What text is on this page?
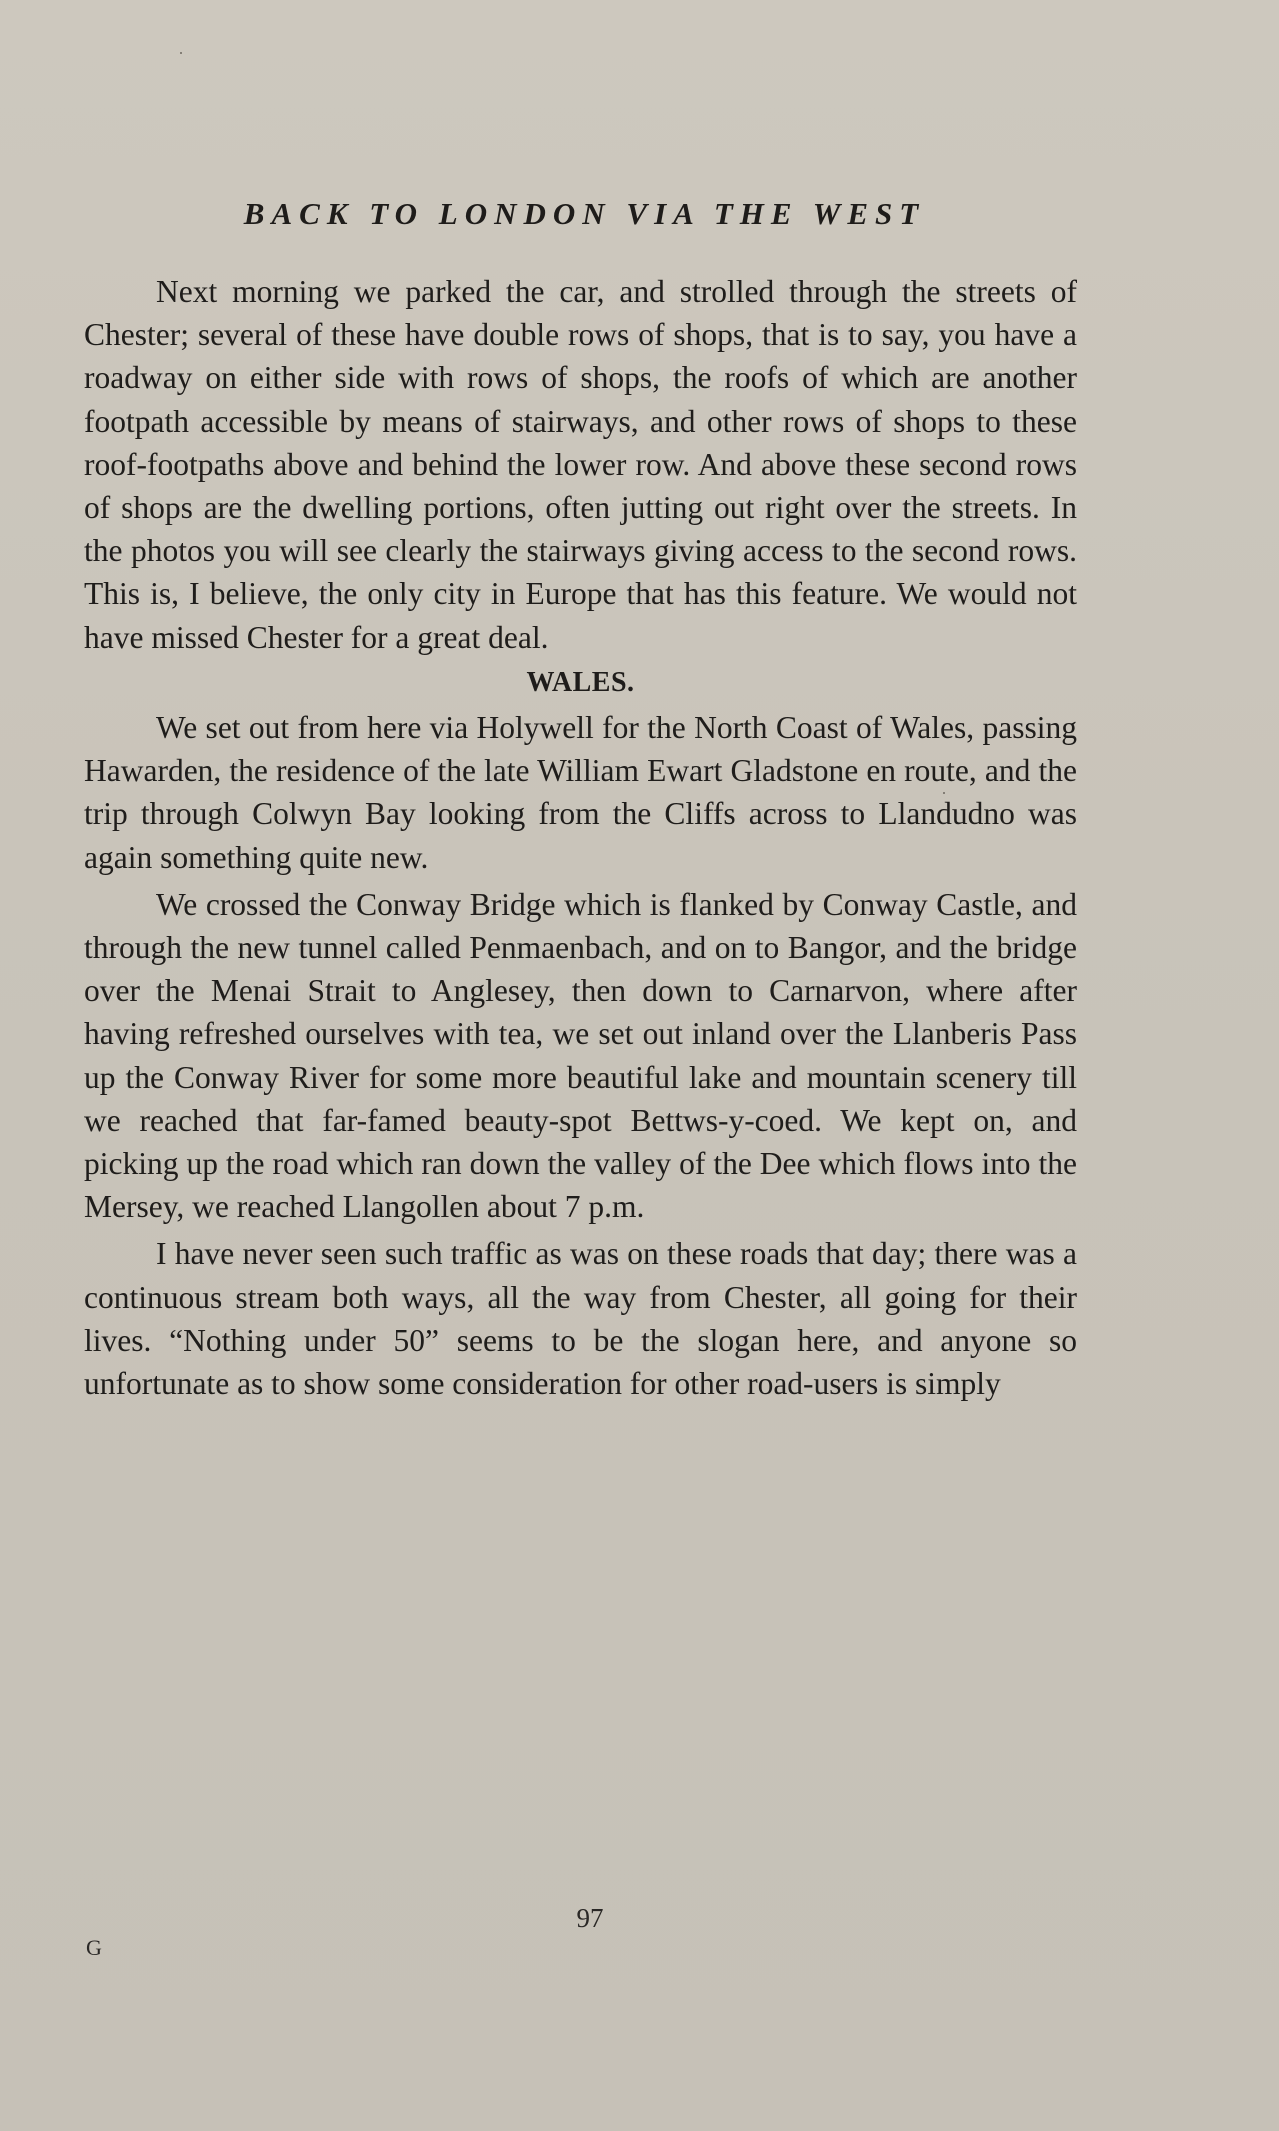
BACK TO LONDON VIA THE WEST

Next morning we parked the car, and strolled through the streets of Chester; several of these have double rows of shops, that is to say, you have a roadway on either side with rows of shops, the roofs of which are another footpath accessible by means of stairways, and other rows of shops to these roof-footpaths above and behind the lower row. And above these second rows of shops are the dwelling portions, often jutting out right over the streets. In the photos you will see clearly the stairways giving access to the second rows. This is, I believe, the only city in Europe that has this feature. We would not have missed Chester for a great deal.

WALES.

We set out from here via Holywell for the North Coast of Wales, passing Hawarden, the residence of the late William Ewart Gladstone en route, and the trip through Colwyn Bay looking from the Cliffs across to Llandudno was again something quite new.

We crossed the Conway Bridge which is flanked by Conway Castle, and through the new tunnel called Penmaenbach, and on to Bangor, and the bridge over the Menai Strait to Anglesey, then down to Carnarvon, where after having refreshed ourselves with tea, we set out inland over the Llanberis Pass up the Conway River for some more beautiful lake and mountain scenery till we reached that far-famed beauty-spot Bettws-y-coed. We kept on, and picking up the road which ran down the valley of the Dee which flows into the Mersey, we reached Llangollen about 7 p.m.

I have never seen such traffic as was on these roads that day; there was a continuous stream both ways, all the way from Chester, all going for their lives. “Nothing under 50” seems to be the slogan here, and anyone so unfortunate as to show some consideration for other road-users is simply

97
G
